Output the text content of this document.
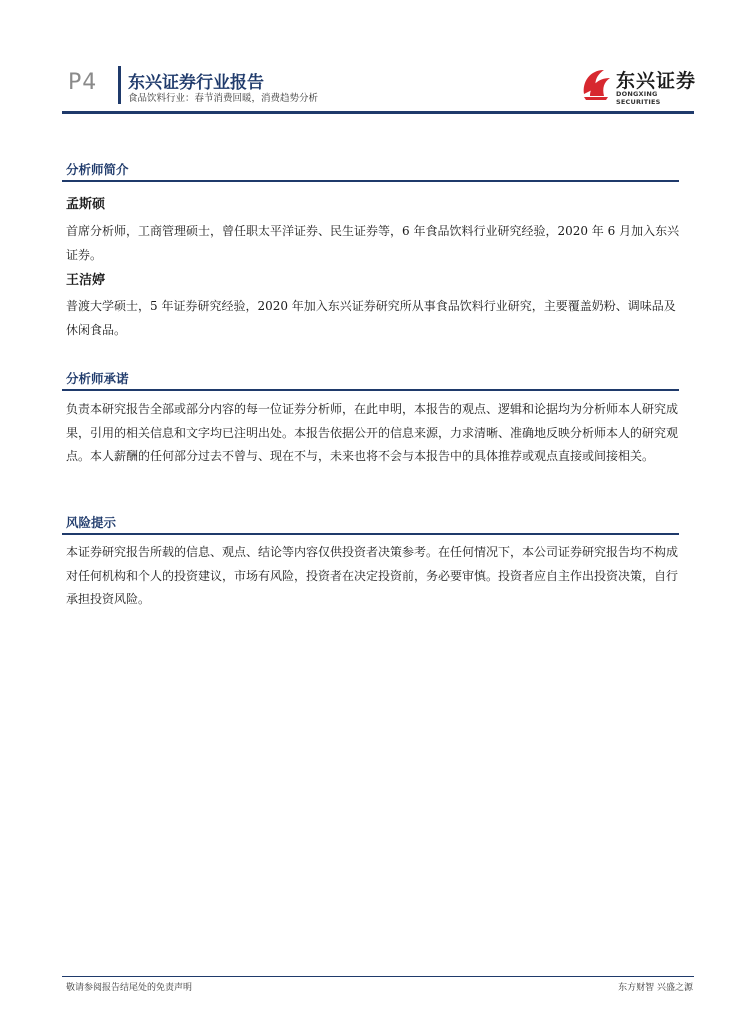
P4 东兴证券行业报告
食品饮料行业：春节消费回暖，消费趋势分析
东兴证券
DONGXING SECURITIES
分析师简介
孟斯硕

首席分析师，工商管理硕士，曾任职太平洋证券、民生证券等，6 年食品饮料行业研究经验，2020 年 6 月加入东兴证券。

王洁婷

普渡大学硕士，5 年证券研究经验，2020 年加入东兴证券研究所从事食品饮料行业研究，主要覆盖奶粉、调味品及休闲食品。

分析师承诺

负责本研究报告全部或部分内容的每一位证券分析师，在此申明，本报告的观点、逻辑和论据均为分析师本人研究成果，引用的相关信息和文字均已注明出处。本报告依据公开的信息来源，力求清晰、准确地反映分析师本人的研究观点。本人薪酬的任何部分过去不曾与、现在不与，未来也将不会与本报告中的具体推荐或观点直接或间接相关。

风险提示

本证券研究报告所载的信息、观点、结论等内容仅供投资者决策参考。在任何情况下，本公司证券研究报告均不构成对任何机构和个人的投资建议，市场有风险，投资者在决定投资前，务必要审慎。投资者应自主作出投资决策，自行承担投资风险。

敬请参阅报告结尾处的免责声明	东方财智 兴盛之源
